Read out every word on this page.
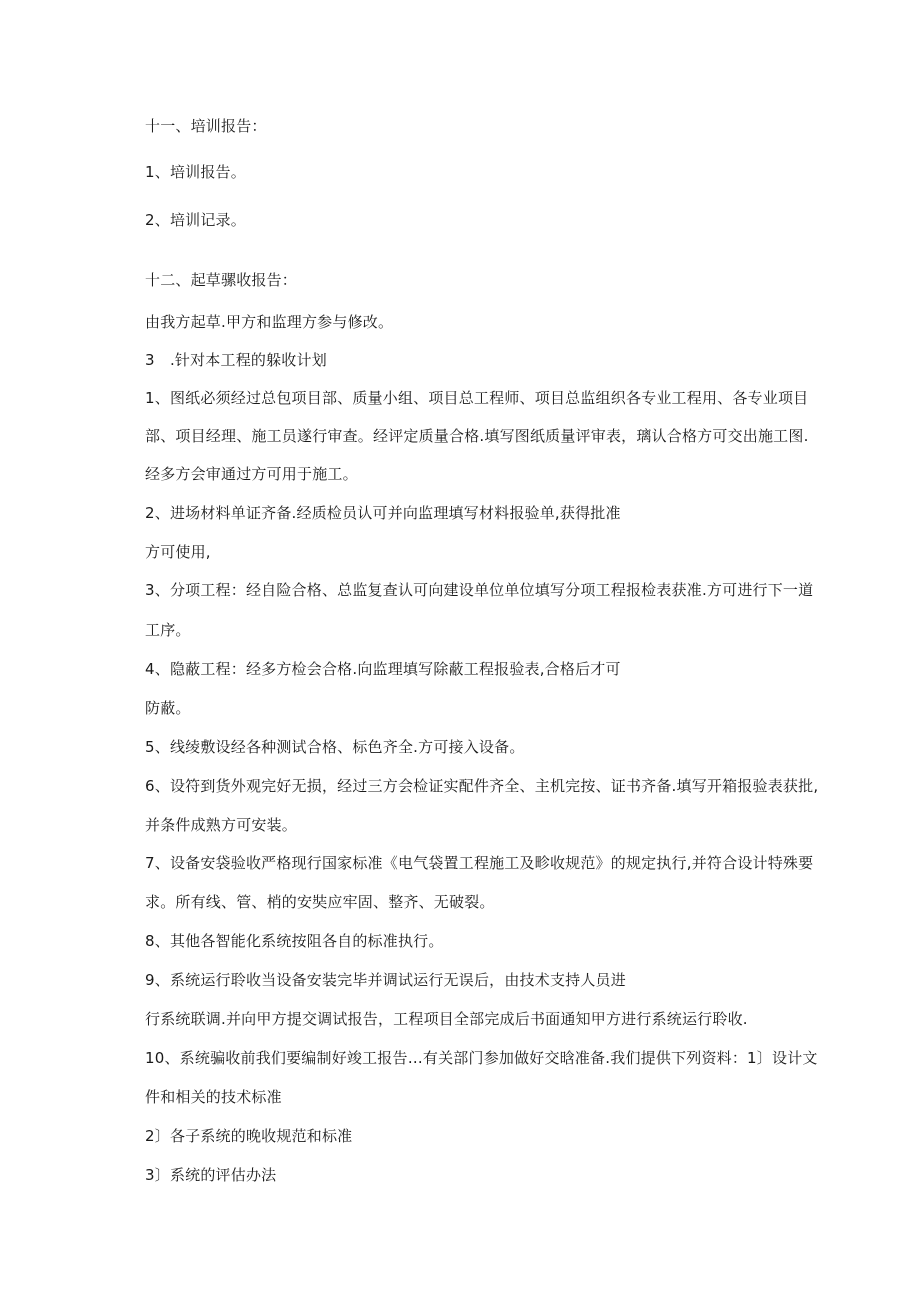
十一、培训报告：
1、培训报告。
2、培训记录。
十二、起草骡收报告：
由我方起草.甲方和监理方参与修改。
3　.针对本工程的躲收计划
1、图纸必须经过总包项目部、质量小组、项目总工程师、项目总监组织各专业工程用、各专业项目
部、项目经理、施工员遂行审查。经评定质量合格.填写图纸质量评审表，璃认合格方可交出施工图.
经多方会审通过方可用于施工。
2、进场材料单证齐备.经质检员认可并向监理填写材料报验单,获得批准
方可使用,
3、分项工程：经自险合格、总监复查认可向建设单位单位填写分项工程报检表获准.方可进行下一道
工序。
4、隐蔽工程：经多方检会合格.向监理填写除蔽工程报验表,合格后才可
防蔽。
5、线绫敷设经各种测试合格、标色齐全.方可接入设备。
6、设符到货外观完好无损，经过三方会检证实配件齐全、主机完按、证书齐备.填写开箱报验表获批,
并条件成熟方可安装。
7、设备安袋验收严格现行国家标准《电气袋置工程施工及畛收规范》的规定执行,并符合设计特殊要
求。所有线、管、梢的安奘应牢固、整齐、无破裂。
8、其他各智能化系统按阻各自的标准执行。
9、系统运行聆收当设备安装完毕并调试运行无误后，由技术支持人员进
行系统联调.并向甲方提交调试报告，工程项目全部完成后书面通知甲方进行系统运行聆收.
10、系统骗收前我们要编制好竣工报告…有关部门参加做好交晗准备.我们提供下列资料：1〕设计文
件和相关的技术标准
2〕各子系统的晚收规范和标准
3〕系统的评估办法
